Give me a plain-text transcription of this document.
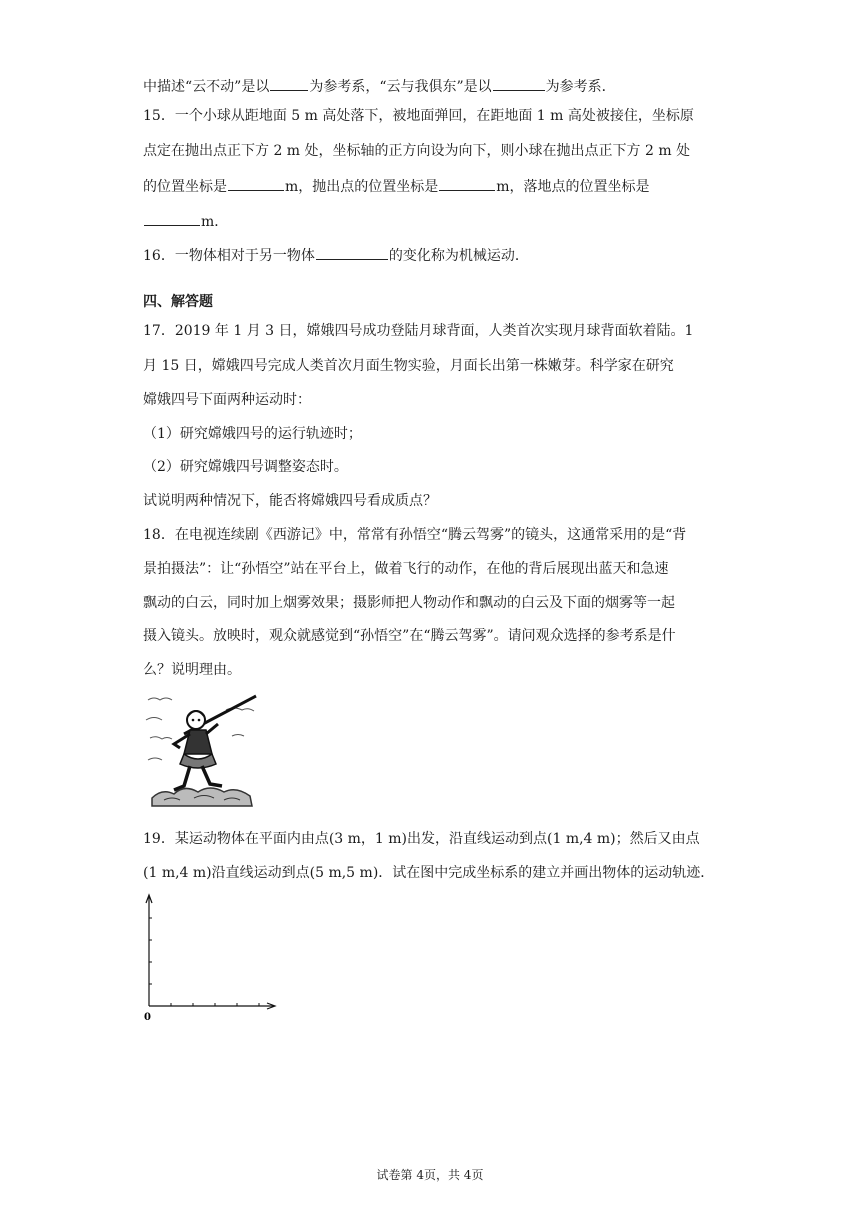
中描述“云不动”是以	为参考系，“云与我俱东”是以	为参考系．
15．一个小球从距地面 5 m 高处落下，被地面弹回，在距地面 1 m 高处被接住，坐标原
点定在抛出点正下方 2 m 处，坐标轴的正方向设为向下，则小球在抛出点正下方 2 m 处
的位置坐标是	m，抛出点的位置坐标是	m，落地点的位置坐标是
m．
16．一物体相对于另一物体	的变化称为机械运动．
四、解答题
17．2019 年 1 月 3 日，嫦娥四号成功登陆月球背面，人类首次实现月球背面软着陆。1
月 15 日，嫦娥四号完成人类首次月面生物实验，月面长出第一株嫩芽。科学家在研究
嫦娥四号下面两种运动时：
（1）研究嫦娥四号的运行轨迹时；
（2）研究嫦娥四号调整姿态时。
试说明两种情况下，能否将嫦娥四号看成质点？
18．在电视连续剧《西游记》中，常常有孙悟空“腾云驾雾”的镜头，这通常采用的是“背
景拍摄法”：让“孙悟空”站在平台上，做着飞行的动作，在他的背后展现出蓝天和急速
飘动的白云，同时加上烟雾效果；摄影师把人物动作和飘动的白云及下面的烟雾等一起
摄入镜头。放映时，观众就感觉到“孙悟空”在“腾云驾雾”。请问观众选择的参考系是什
么？说明理由。
19．某运动物体在平面内由点(3 m，1 m)出发，沿直线运动到点(1 m,4 m)；然后又由点
(1 m,4 m)沿直线运动到点(5 m,5 m)．试在图中完成坐标系的建立并画出物体的运动轨迹．
0
试卷第 4页，共 4页
